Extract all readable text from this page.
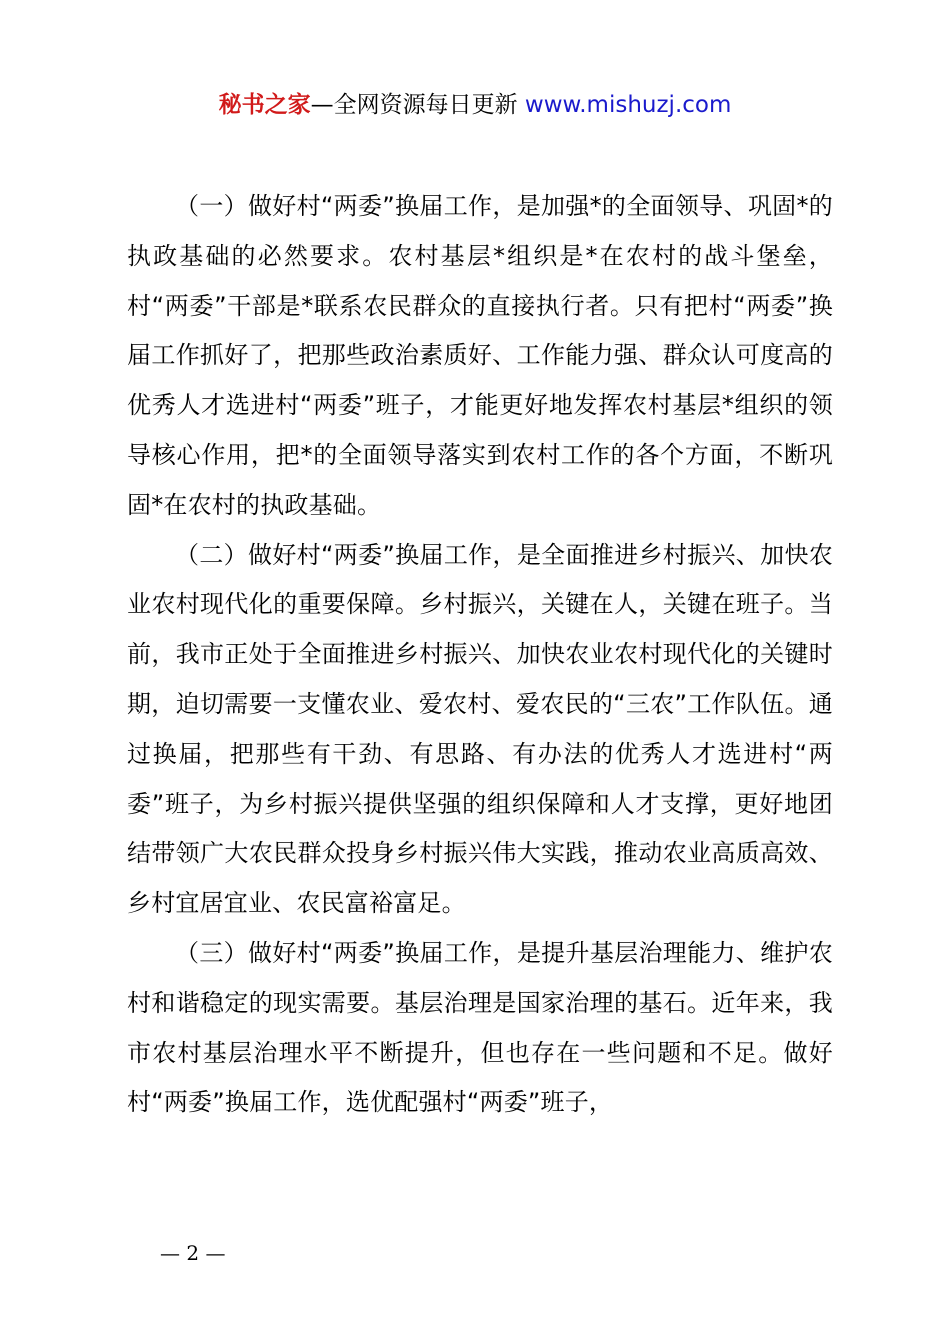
秘书之家—全网资源每日更新 www.mishuzj.com

（一）做好村“两委”换届工作，是加强*的全面领导、巩固*的执政基础的必然要求。农村基层*组织是*在农村的战斗堡垒，村“两委”干部是*联系农民群众的直接执行者。只有把村“两委”换届工作抓好了，把那些政治素质好、工作能力强、群众认可度高的优秀人才选进村“两委”班子，才能更好地发挥农村基层*组织的领导核心作用，把*的全面领导落实到农村工作的各个方面，不断巩固*在农村的执政基础。

（二）做好村“两委”换届工作，是全面推进乡村振兴、加快农业农村现代化的重要保障。乡村振兴，关键在人，关键在班子。当前，我市正处于全面推进乡村振兴、加快农业农村现代化的关键时期，迫切需要一支懂农业、爱农村、爱农民的“三农”工作队伍。通过换届，把那些有干劲、有思路、有办法的优秀人才选进村“两委”班子，为乡村振兴提供坚强的组织保障和人才支撑，更好地团结带领广大农民群众投身乡村振兴伟大实践，推动农业高质高效、乡村宜居宜业、农民富裕富足。

（三）做好村“两委”换届工作，是提升基层治理能力、维护农村和谐稳定的现实需要。基层治理是国家治理的基石。近年来，我市农村基层治理水平不断提升，但也存在一些问题和不足。做好村“两委”换届工作，选优配强村“两委”班子，

— 2 —
